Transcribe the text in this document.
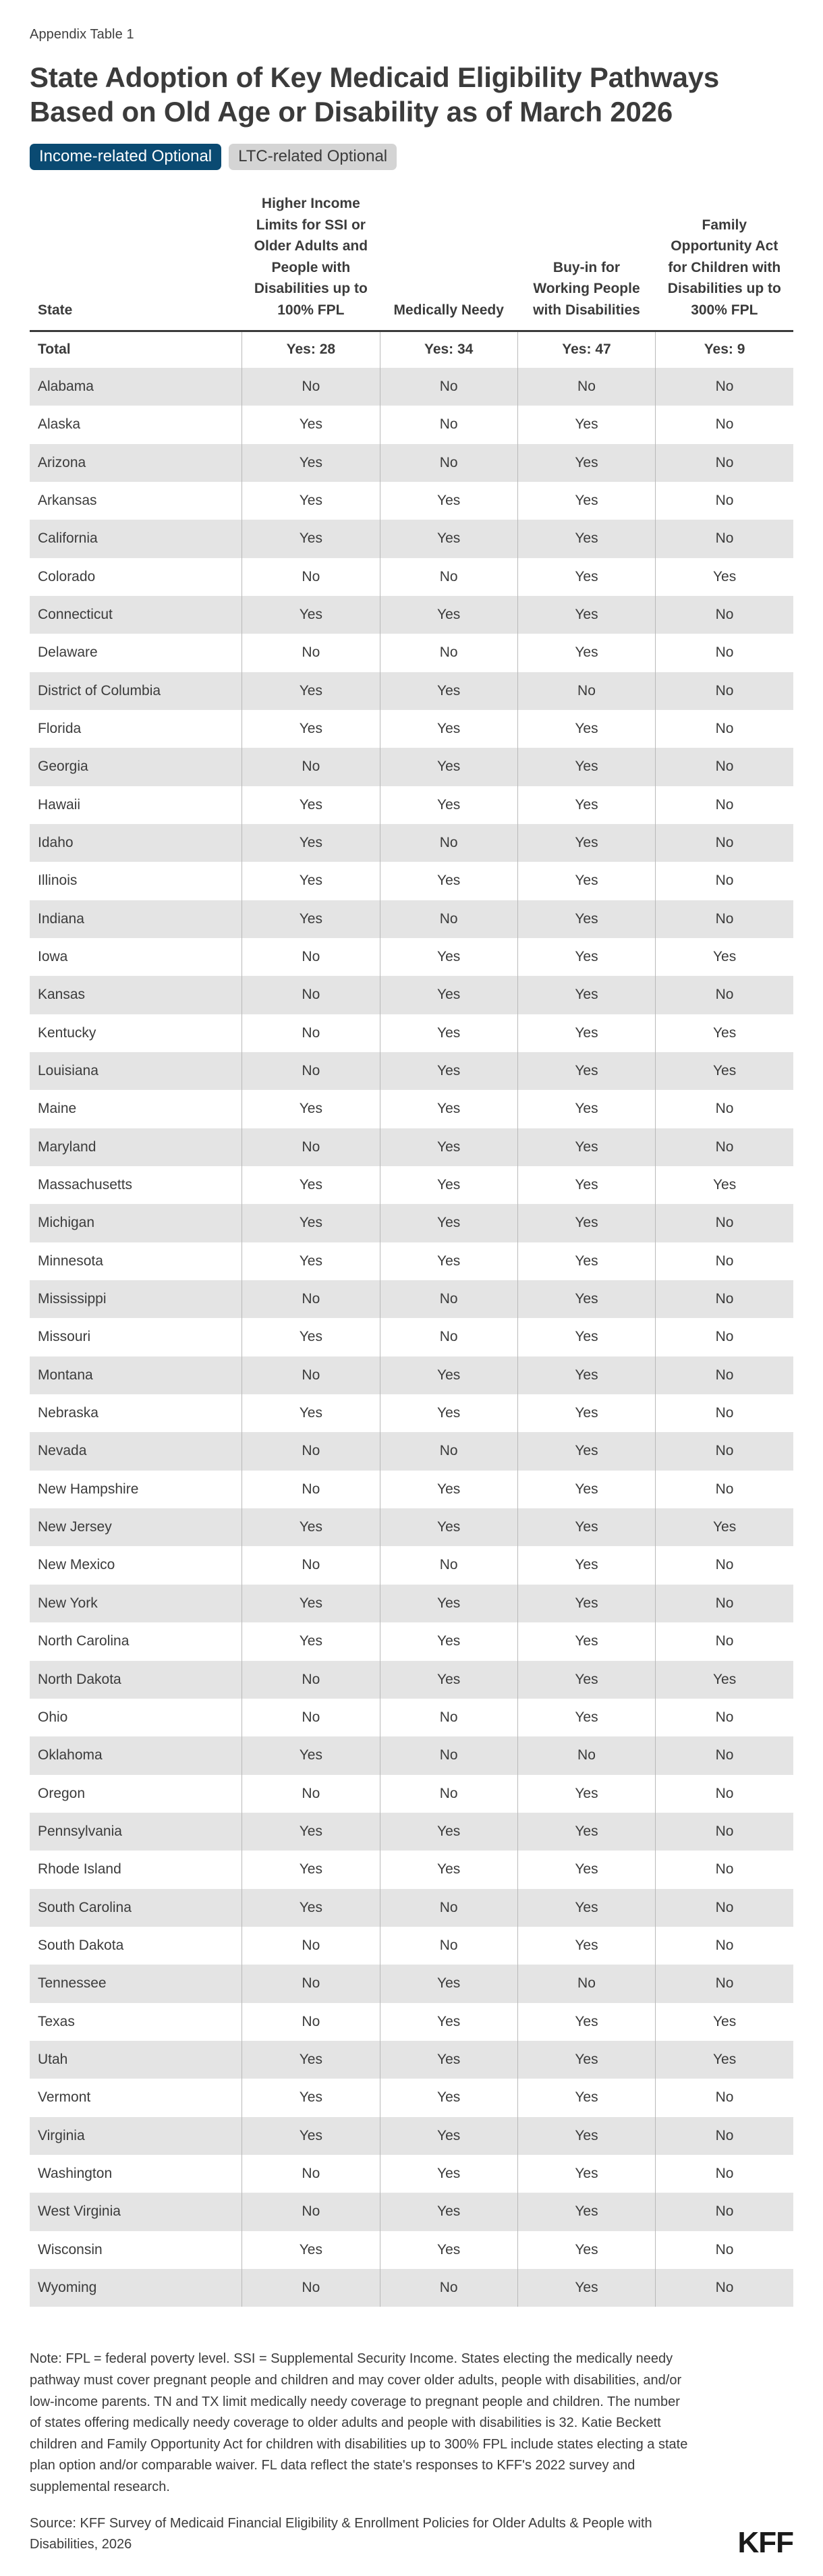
Appendix Table 1
State Adoption of Key Medicaid Eligibility Pathways Based on Old Age or Disability as of March 2026
Income-related Optional	LTC-related Optional
State	Higher Income Limits for SSI or Older Adults and People with Disabilities up to 100% FPL	Medically Needy	Buy-in for Working People with Disabilities	Family Opportunity Act for Children with Disabilities up to 300% FPL
Total	Yes: 28	Yes: 34	Yes: 47	Yes: 9
Alabama	No	No	No	No
Alaska	Yes	No	Yes	No
Arizona	Yes	No	Yes	No
Arkansas	Yes	Yes	Yes	No
California	Yes	Yes	Yes	No
Colorado	No	No	Yes	Yes
Connecticut	Yes	Yes	Yes	No
Delaware	No	No	Yes	No
District of Columbia	Yes	Yes	No	No
Florida	Yes	Yes	Yes	No
Georgia	No	Yes	Yes	No
Hawaii	Yes	Yes	Yes	No
Idaho	Yes	No	Yes	No
Illinois	Yes	Yes	Yes	No
Indiana	Yes	No	Yes	No
Iowa	No	Yes	Yes	Yes
Kansas	No	Yes	Yes	No
Kentucky	No	Yes	Yes	Yes
Louisiana	No	Yes	Yes	Yes
Maine	Yes	Yes	Yes	No
Maryland	No	Yes	Yes	No
Massachusetts	Yes	Yes	Yes	Yes
Michigan	Yes	Yes	Yes	No
Minnesota	Yes	Yes	Yes	No
Mississippi	No	No	Yes	No
Missouri	Yes	No	Yes	No
Montana	No	Yes	Yes	No
Nebraska	Yes	Yes	Yes	No
Nevada	No	No	Yes	No
New Hampshire	No	Yes	Yes	No
New Jersey	Yes	Yes	Yes	Yes
New Mexico	No	No	Yes	No
New York	Yes	Yes	Yes	No
North Carolina	Yes	Yes	Yes	No
North Dakota	No	Yes	Yes	Yes
Ohio	No	No	Yes	No
Oklahoma	Yes	No	No	No
Oregon	No	No	Yes	No
Pennsylvania	Yes	Yes	Yes	No
Rhode Island	Yes	Yes	Yes	No
South Carolina	Yes	No	Yes	No
South Dakota	No	No	Yes	No
Tennessee	No	Yes	No	No
Texas	No	Yes	Yes	Yes
Utah	Yes	Yes	Yes	Yes
Vermont	Yes	Yes	Yes	No
Virginia	Yes	Yes	Yes	No
Washington	No	Yes	Yes	No
West Virginia	No	Yes	Yes	No
Wisconsin	Yes	Yes	Yes	No
Wyoming	No	No	Yes	No

Note: FPL = federal poverty level. SSI = Supplemental Security Income. States electing the medically needy pathway must cover pregnant people and children and may cover older adults, people with disabilities, and/or low-income parents. TN and TX limit medically needy coverage to pregnant people and children. The number of states offering medically needy coverage to older adults and people with disabilities is 32. Katie Beckett children and Family Opportunity Act for children with disabilities up to 300% FPL include states electing a state plan option and/or comparable waiver. FL data reflect the state's responses to KFF's 2022 survey and supplemental research.

Source: KFF Survey of Medicaid Financial Eligibility & Enrollment Policies for Older Adults & People with Disabilities, 2026	KFF
